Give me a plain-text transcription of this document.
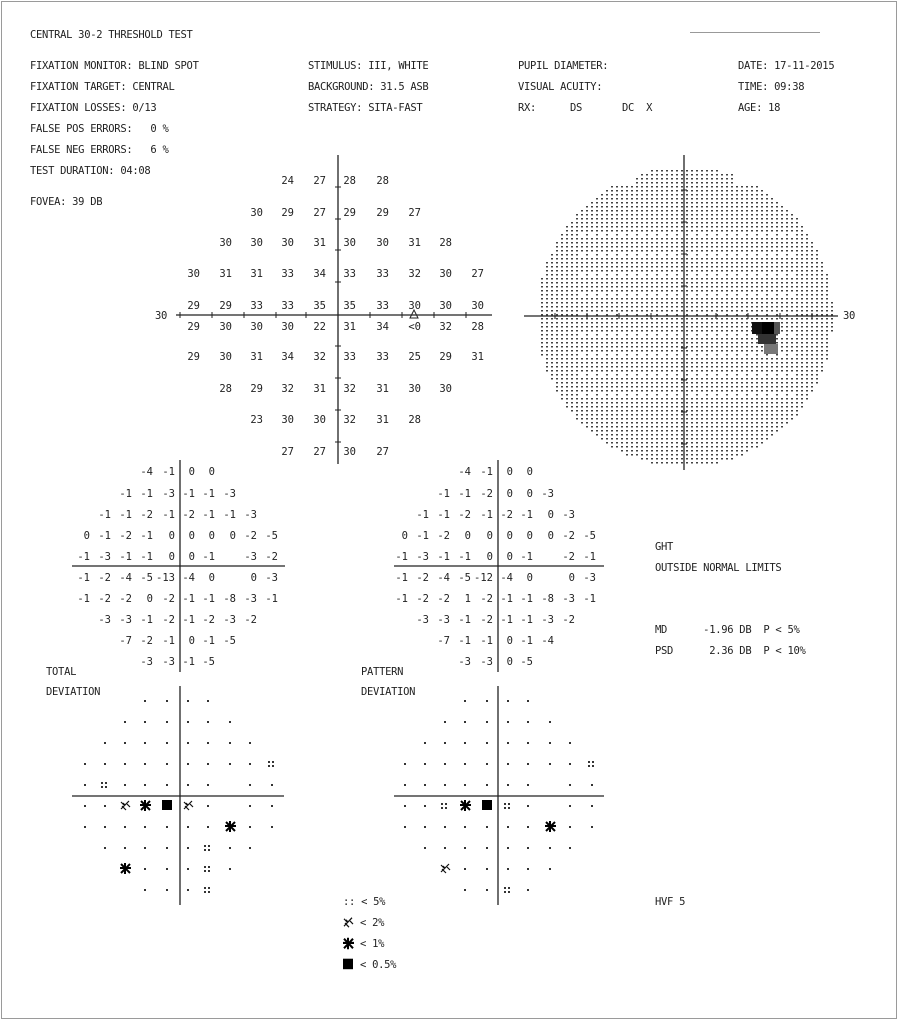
CENTRAL 30-2 THRESHOLD TEST
FIXATION MONITOR: BLIND SPOT
FIXATION TARGET: CENTRAL
FIXATION LOSSES: 0/13
FALSE POS ERRORS:   0 %
FALSE NEG ERRORS:   6 %
TEST DURATION: 04:08
FOVEA: 39 DB
STIMULUS: III, WHITE
BACKGROUND: 31.5 ASB
STRATEGY: SITA-FAST
PUPIL DIAMETER:
VISUAL ACUITY:
RX:	DS	DC  X
DATE: 17-11-2015
TIME: 09:38
AGE: 18
24	27	28	28
30	29	27	29	29	27
30	30	30	31	30	30	31	28
30	31	31	33	34	33	33	32	30	27
29	29	33	33	35	35	33	30	30	30
29	30	30	30	22	31	34	<0	32	28
29	30	31	34	32	33	33	25	29	31
28	29	32	31	32	31	30	30
23	30	30	32	31	28
27	27	30	27
30	30
-4 -1	0	0
-1 -1 -3 -1 -1 -3
-1 -1 -2 -1 -2 -1 -1 -3
0 -1 -2 -1	0	0	0	0 -2 -5
-1 -3 -1 -1	0	0 -1	-3 -2
-1 -2 -4 -5 -13 -4	0	0 -3
-1 -2 -2	0 -2 -1 -1 -8 -3 -1
-3 -3 -1 -2 -1 -2 -3 -2
-7 -2 -1	0 -1 -5
-3 -3 -1 -5
-4 -1	0	0
-1 -1 -2	0	0 -3
-1 -1 -2 -1 -2 -1	0 -3
0 -1 -2	0	0	0	0	0 -2 -5
-1 -3 -1 -1	0	0 -1	-2 -1
-1 -2 -4 -5 -12 -4	0	0 -3
-1 -2 -2	1 -2 -1 -1 -8 -3 -1
-3 -3 -1 -2 -1 -1 -3 -2
-7 -1 -1	0 -1 -4
-3 -3	0 -5
TOTAL
DEVIATION
PATTERN
DEVIATION
GHT
OUTSIDE NORMAL LIMITS
MD      -1.96 DB  P < 5%
PSD      2.36 DB  P < 10%
HVF 5
:: < 5%
< 2%
< 1%
< 0.5%
